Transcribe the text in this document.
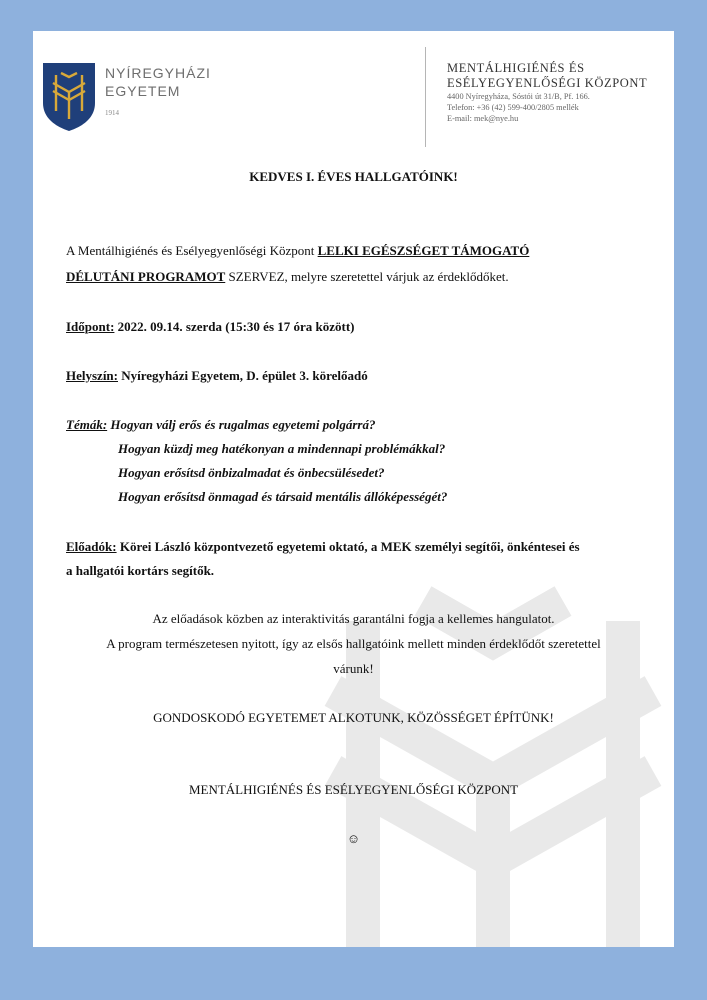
NYÍREGYHÁZI
EGYETEM
1914
MENTÁLHIGIÉNÉS ÉS
ESÉLYEGYENLŐSÉGI KÖZPONT
4400 Nyíregyháza, Sóstói út 31/B, Pf. 166.
Telefon: +36 (42) 599-400/2805 mellék
E-mail: mek@nye.hu
KEDVES I. ÉVES HALLGATÓINK!
A Mentálhigiénés és Esélyegyenlőségi Központ LELKI EGÉSZSÉGET TÁMOGATÓ
DÉLUTÁNI PROGRAMOT SZERVEZ, melyre szeretettel várjuk az érdeklődőket.
Időpont: 2022. 09.14. szerda (15:30 és 17 óra között)
Helyszín: Nyíregyházi Egyetem, D. épület 3. körelőadó
Témák: Hogyan válj erős és rugalmas egyetemi polgárrá?
Hogyan küzdj meg hatékonyan a mindennapi problémákkal?
Hogyan erősítsd önbizalmadat és önbecsülésedet?
Hogyan erősítsd önmagad és társaid mentális állóképességét?
Előadók: Körei László központvezető egyetemi oktató, a MEK személyi segítői, önkéntesei és
a hallgatói kortárs segítők.
Az előadások közben az interaktivitás garantálni fogja a kellemes hangulatot.
A program természetesen nyitott, így az elsős hallgatóink mellett minden érdeklődőt szeretettel
várunk!
GONDOSKODÓ EGYETEMET ALKOTUNK, KÖZÖSSÉGET ÉPÍTÜNK!
MENTÁLHIGIÉNÉS ÉS ESÉLYEGYENLŐSÉGI KÖZPONT
☺
